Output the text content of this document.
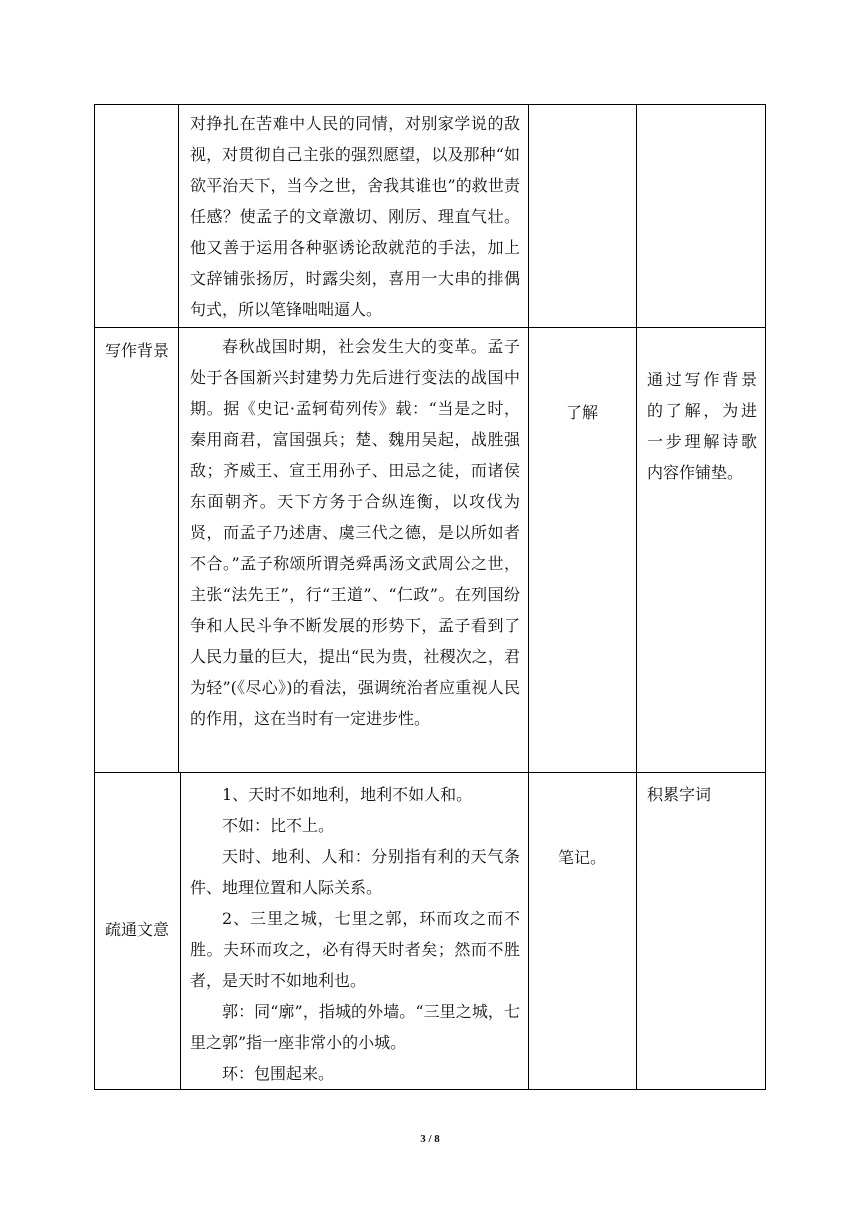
对挣扎在苦难中人民的同情，对别家学说的敌视，对贯彻自己主张的强烈愿望，以及那种“如欲平治天下，当今之世，舍我其谁也”的救世责任感？使孟子的文章激切、刚厉、理直气壮。他又善于运用各种驱诱论敌就范的手法，加上文辞铺张扬厉，时露尖刻，喜用一大串的排偶句式，所以笔锋咄咄逼人。

写作背景	春秋战国时期，社会发生大的变革。孟子处于各国新兴封建势力先后进行变法的战国中期。据《史记·孟轲荀列传》载：“当是之时，秦用商君，富国强兵；楚、魏用吴起，战胜强敌；齐威王、宣王用孙子、田忌之徒，而诸侯东面朝齐。天下方务于合纵连衡，以攻伐为贤，而孟子乃述唐、虞三代之德，是以所如者不合。”孟子称颂所谓尧舜禹汤文武周公之世，主张“法先王”，行“王道”、“仁政”。在列国纷争和人民斗争不断发展的形势下，孟子看到了人民力量的巨大，提出“民为贵，社稷次之，君为轻”(《尽心》)的看法，强调统治者应重视人民的作用，这在当时有一定进步性。

了解

通过写作背景的了解，为进一步理解诗歌内容作铺垫。

疏通文意

1、天时不如地利，地利不如人和。

不如：比不上。

天时、地利、人和：分别指有利的天气条件、地理位置和人际关系。

2、三里之城，七里之郭，环而攻之而不胜。夫环而攻之，必有得天时者矣；然而不胜者，是天时不如地利也。

郭：同“廓”，指城的外墙。“三里之城，七里之郭”指一座非常小的小城。

环：包围起来。

笔记。

积累字词

3 / 8
